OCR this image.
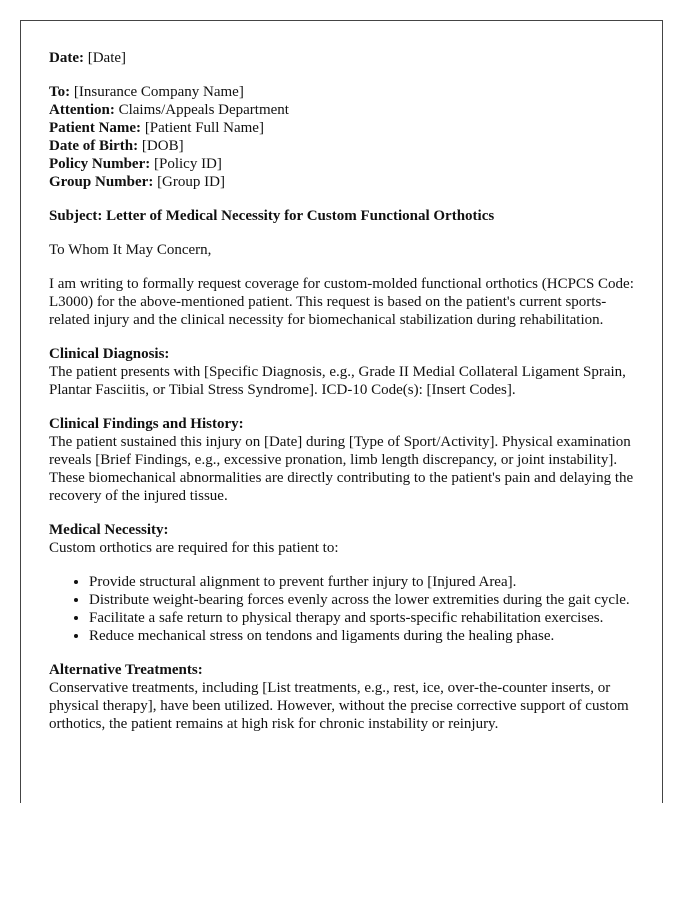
Date: [Date]

To: [Insurance Company Name]
Attention: Claims/Appeals Department
Patient Name: [Patient Full Name]
Date of Birth: [DOB]
Policy Number: [Policy ID]
Group Number: [Group ID]

Subject: Letter of Medical Necessity for Custom Functional Orthotics

To Whom It May Concern,

I am writing to formally request coverage for custom-molded functional orthotics (HCPCS Code: L3000) for the above-mentioned patient. This request is based on the patient's current sports-related injury and the clinical necessity for biomechanical stabilization during rehabilitation.

Clinical Diagnosis:
The patient presents with [Specific Diagnosis, e.g., Grade II Medial Collateral Ligament Sprain, Plantar Fasciitis, or Tibial Stress Syndrome]. ICD-10 Code(s): [Insert Codes].

Clinical Findings and History:
The patient sustained this injury on [Date] during [Type of Sport/Activity]. Physical examination reveals [Brief Findings, e.g., excessive pronation, limb length discrepancy, or joint instability]. These biomechanical abnormalities are directly contributing to the patient's pain and delaying the recovery of the injured tissue.

Medical Necessity:
Custom orthotics are required for this patient to:

• Provide structural alignment to prevent further injury to [Injured Area].
• Distribute weight-bearing forces evenly across the lower extremities during the gait cycle.
• Facilitate a safe return to physical therapy and sports-specific rehabilitation exercises.
• Reduce mechanical stress on tendons and ligaments during the healing phase.

Alternative Treatments:
Conservative treatments, including [List treatments, e.g., rest, ice, over-the-counter inserts, or physical therapy], have been utilized. However, without the precise corrective support of custom orthotics, the patient remains at high risk for chronic instability or reinjury.
